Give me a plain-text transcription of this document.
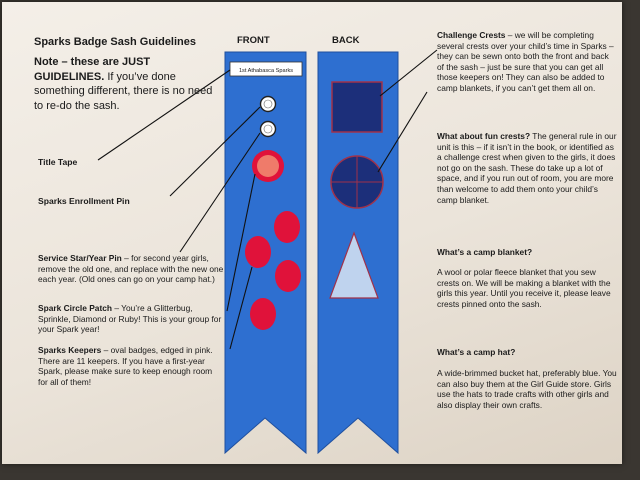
1st Athabasca Sparks
Sparks Badge Sash Guidelines
Note – these are JUST GUIDELINES. If you’ve done something different, there is no need to re-do the sash.
FRONT	BACK
Title Tape
Sparks Enrollment Pin
Service Star/Year Pin – for second year girls, remove the old one, and replace with the new one each year. (Old ones can go on your camp hat.)
Spark Circle Patch – You’re a Glitterbug, Sprinkle, Diamond or Ruby! This is your group for your Spark year!
Sparks Keepers – oval badges, edged in pink. There are 11 keepers. If you have a first-year Spark, please make sure to keep enough room for all of them!
Challenge Crests – we will be completing several crests over your child’s time in Sparks – they can be sewn onto both the front and back of the sash – just be sure that you can get all those keepers on! They can also be added to camp blankets, if you can’t get them all on.
What about fun crests? The general rule in our unit is this – if it isn’t in the book, or identified as a challenge crest when given to the girls, it does not go on the sash. These do take up a lot of space, and if you run out of room, you are more than welcome to add them onto your child’s camp blanket.
What’s a camp blanket?
A wool or polar fleece blanket that you sew crests on. We will be making a blanket with the girls this year. Until you receive it, please leave crests pinned onto the sash.
What’s a camp hat?
A wide-brimmed bucket hat, preferably blue. You can also buy them at the Girl Guide store. Girls use the hats to trade crafts with other girls and also display their own crafts.
